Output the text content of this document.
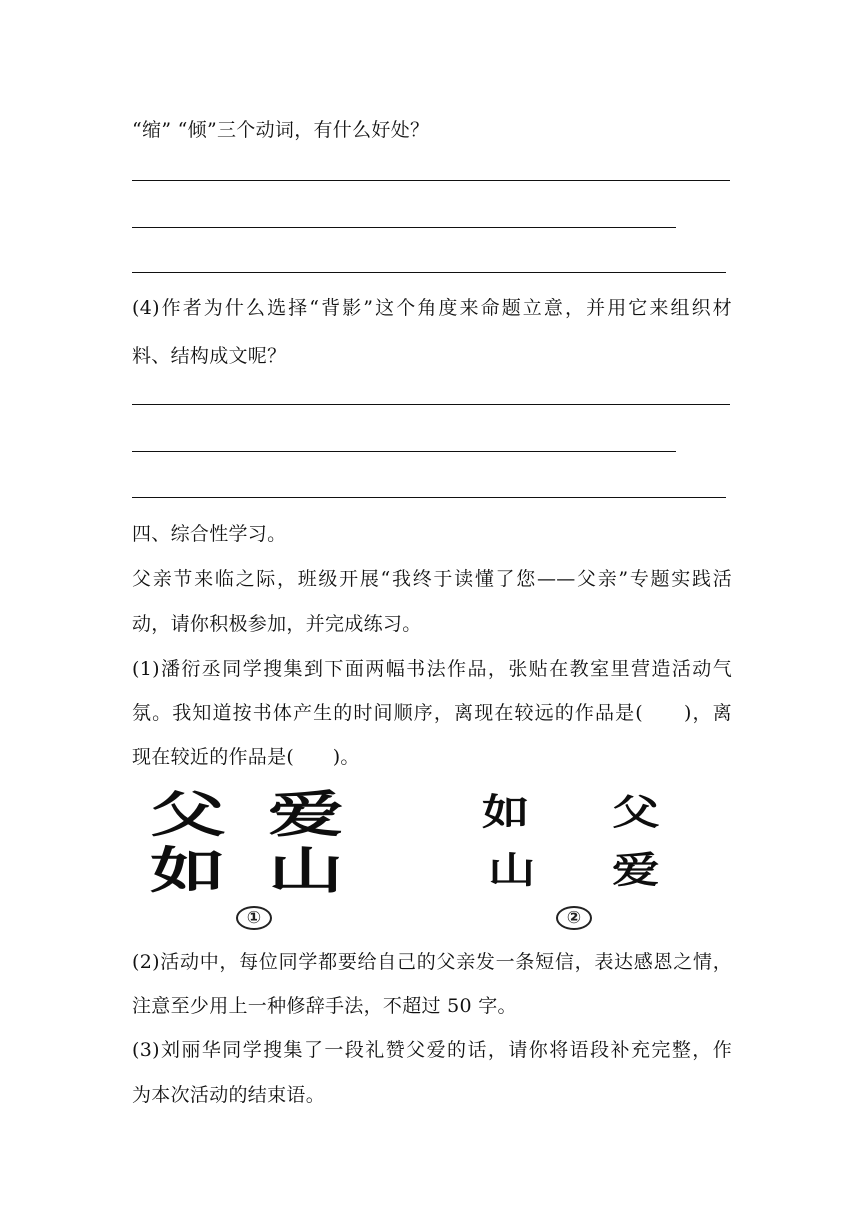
“缩” “倾”三个动词，有什么好处？
(4)作者为什么选择“背影”这个角度来命题立意，并用它来组织材
料、结构成文呢？
四、综合性学习。
父亲节来临之际，班级开展“我终于读懂了您——父亲”专题实践活
动，请你积极参加，并完成练习。
(1)潘衍丞同学搜集到下面两幅书法作品，张贴在教室里营造活动气
氛。我知道按书体产生的时间顺序，离现在较远的作品是(　　)，离
现在较近的作品是(　　)。
父 爱
如 山
①
如 父
山 爱
②
(2)活动中，每位同学都要给自己的父亲发一条短信，表达感恩之情，
注意至少用上一种修辞手法，不超过 50 字。
(3)刘丽华同学搜集了一段礼赞父爱的话，请你将语段补充完整，作
为本次活动的结束语。
